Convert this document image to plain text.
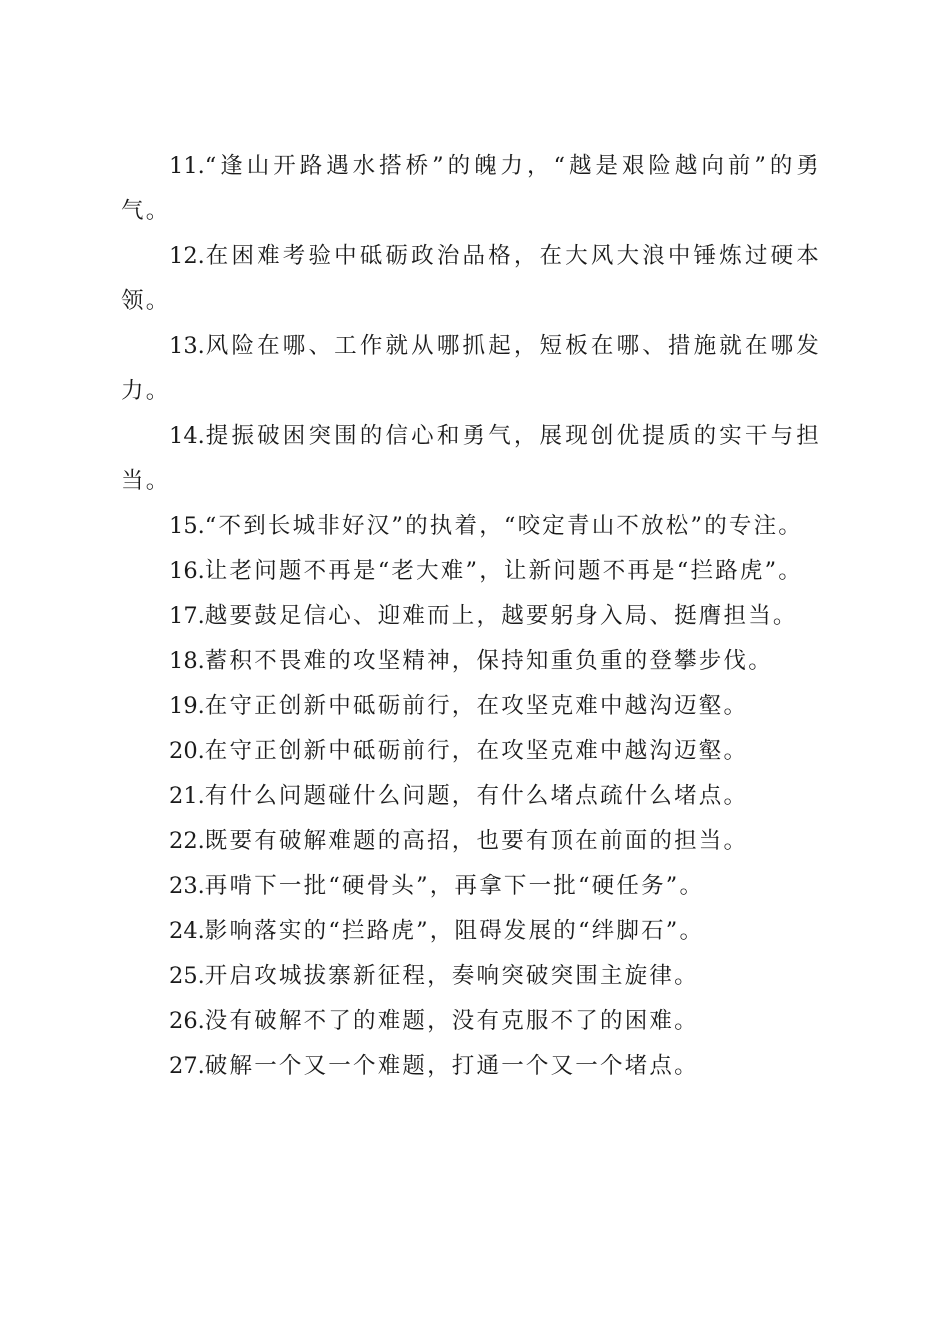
11.“逢山开路遇水搭桥”的魄力，“越是艰险越向前”的勇气。

12.在困难考验中砥砺政治品格，在大风大浪中锤炼过硬本领。

13.风险在哪、工作就从哪抓起，短板在哪、措施就在哪发力。

14.提振破困突围的信心和勇气，展现创优提质的实干与担当。

15.“不到长城非好汉”的执着，“咬定青山不放松”的专注。

16.让老问题不再是“老大难”，让新问题不再是“拦路虎”。

17.越要鼓足信心、迎难而上，越要躬身入局、挺膺担当。

18.蓄积不畏难的攻坚精神，保持知重负重的登攀步伐。

19.在守正创新中砥砺前行，在攻坚克难中越沟迈壑。

20.在守正创新中砥砺前行，在攻坚克难中越沟迈壑。

21.有什么问题碰什么问题，有什么堵点疏什么堵点。

22.既要有破解难题的高招，也要有顶在前面的担当。

23.再啃下一批“硬骨头”，再拿下一批“硬任务”。

24.影响落实的“拦路虎”，阻碍发展的“绊脚石”。

25.开启攻城拔寨新征程，奏响突破突围主旋律。

26.没有破解不了的难题，没有克服不了的困难。

27.破解一个又一个难题，打通一个又一个堵点。
